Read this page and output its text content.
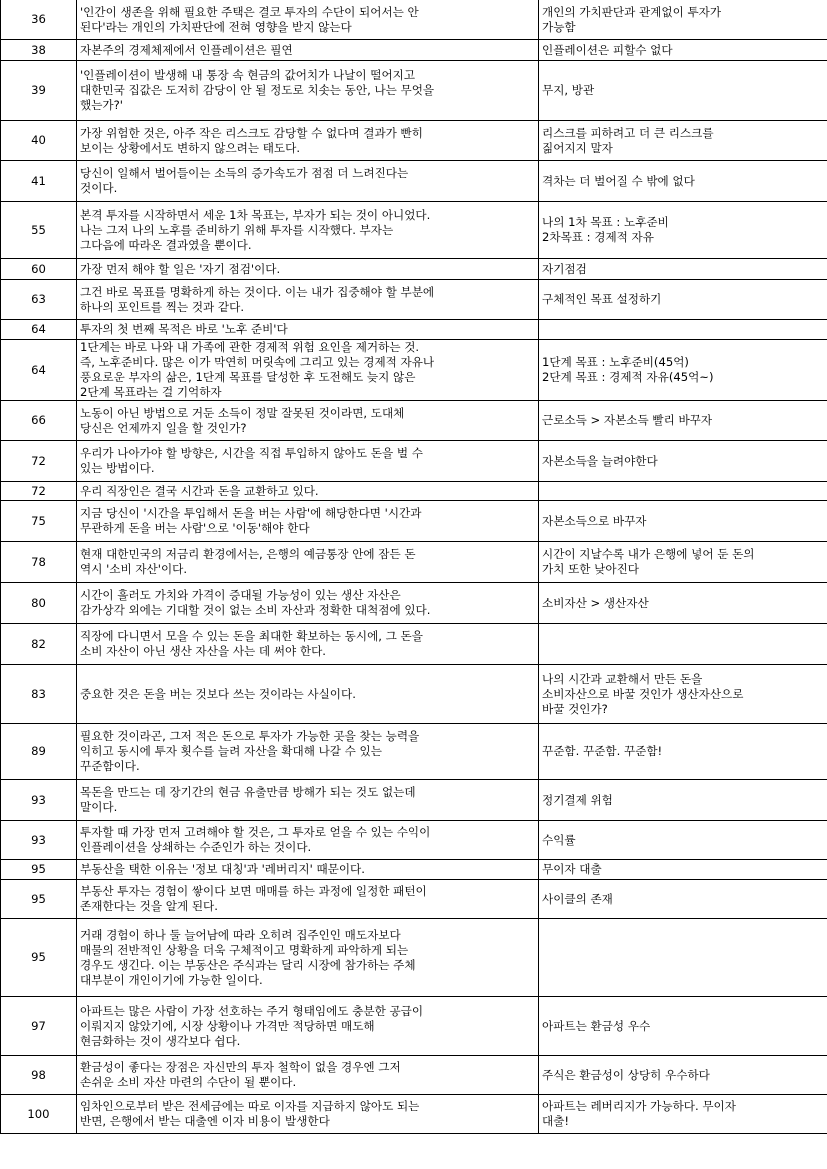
36	'인간이 생존을 위해 필요한 주택은 결코 투자의 수단이 되어서는 안
된다'라는 개인의 가치판단에 전혀 영향을 받지 않는다	개인의 가치판단과 관계없이 투자가
가능함

38	자본주의 경제체제에서 인플레이션은 필연	인플레이션은 피할수 없다

39	'인플레이션이 발생해 내 통장 속 현금의 값어치가 나날이 떨어지고
대한민국 집값은 도저히 감당이 안 될 정도로 치솟는 동안, 나는 무엇을
했는가?'	무지, 방관

40	가장 위험한 것은, 아주 작은 리스크도 감당할 수 없다며 결과가 빤히
보이는 상황에서도 변하지 않으려는 태도다.	리스크를 피하려고 더 큰 리스크를
짊어지지 말자

41	당신이 일해서 벌어들이는 소득의 증가속도가 점점 더 느려진다는
것이다.	격차는 더 벌어질 수 밖에 없다

55	본격 투자를 시작하면서 세운 1차 목표는, 부자가 되는 것이 아니었다.
나는 그저 나의 노후를 준비하기 위해 투자를 시작했다. 부자는
그다음에 따라온 결과였을 뿐이다.	나의 1차 목표 : 노후준비
2차목표 : 경제적 자유

60	가장 먼저 해야 할 일은 '자기 점검'이다.	자기점검

63	그건 바로 목표를 명확하게 하는 것이다. 이는 내가 집중해야 할 부분에
하나의 포인트를 찍는 것과 같다.	구체적인 목표 설정하기

64	투자의 첫 번째 목적은 바로 '노후 준비'다	

64	1단계는 바로 나와 내 가족에 관한 경제적 위험 요인을 제거하는 것.
즉, 노후준비다. 많은 이가 막연히 머릿속에 그리고 있는 경제적 자유나
풍요로운 부자의 삶은, 1단계 목표를 달성한 후 도전해도 늦지 않은
2단계 목표라는 걸 기억하자	1단계 목표 : 노후준비(45억)
2단계 목표 : 경제적 자유(45억~)

66	노동이 아닌 방법으로 거둔 소득이 정말 잘못된 것이라면, 도대체
당신은 언제까지 일을 할 것인가?	근로소득 > 자본소득 빨리 바꾸자

72	우리가 나아가야 할 방향은, 시간을 직접 투입하지 않아도 돈을 벌 수
있는 방법이다.	자본소득을 늘려야한다

72	우리 직장인은 결국 시간과 돈을 교환하고 있다.	

75	지금 당신이 '시간을 투입해서 돈을 버는 사람'에 해당한다면 '시간과
무관하게 돈을 버는 사람'으로 '이동'해야 한다	자본소득으로 바꾸자

78	현재 대한민국의 저금리 환경에서는, 은행의 예금통장 안에 잠든 돈
역시 '소비 자산'이다.	시간이 지날수록 내가 은행에 넣어 둔 돈의
가치 또한 낮아진다

80	시간이 흘러도 가치와 가격이 증대될 가능성이 있는 생산 자산은
감가상각 외에는 기대할 것이 없는 소비 자산과 정확한 대척점에 있다.	소비자산 > 생산자산

82	직장에 다니면서 모을 수 있는 돈을 최대한 확보하는 동시에, 그 돈을
소비 자산이 아닌 생산 자산을 사는 데 써야 한다.	

83	중요한 것은 돈을 버는 것보다 쓰는 것이라는 사실이다.	나의 시간과 교환해서 만든 돈을
소비자산으로 바꿀 것인가 생산자산으로
바꿀 것인가?

89	필요한 것이라곤, 그저 적은 돈으로 투자가 가능한 곳을 찾는 능력을
익히고 동시에 투자 횟수를 늘려 자산을 확대해 나갈 수 있는
꾸준함이다.	꾸준함. 꾸준함. 꾸준함!

93	목돈을 만드는 데 장기간의 현금 유출만큼 방해가 되는 것도 없는데
말이다.	정기결제 위험

93	투자할 때 가장 먼저 고려해야 할 것은, 그 투자로 얻을 수 있는 수익이
인플레이션을 상쇄하는 수준인가 하는 것이다.	수익률

95	부동산을 택한 이유는 '정보 대칭'과 '레버리지' 때문이다.	무이자 대출

95	부동산 투자는 경험이 쌓이다 보면 매매를 하는 과정에 일정한 패턴이
존재한다는 것을 알게 된다.	사이클의 존재

95	거래 경험이 하나 둘 늘어남에 따라 오히려 집주인인 매도자보다
매물의 전반적인 상황을 더욱 구체적이고 명확하게 파악하게 되는
경우도 생긴다. 이는 부동산은 주식과는 달리 시장에 참가하는 주체
대부분이 개인이기에 가능한 일이다.	

97	아파트는 많은 사람이 가장 선호하는 주거 형태임에도 충분한 공급이
이뤄지지 않았기에, 시장 상황이나 가격만 적당하면 매도해
현금화하는 것이 생각보다 쉽다.	아파트는 환금성 우수

98	환금성이 좋다는 장점은 자신만의 투자 철학이 없을 경우엔 그저
손쉬운 소비 자산 마련의 수단이 될 뿐이다.	주식은 환금성이 상당히 우수하다

100	임차인으로부터 받은 전세금에는 따로 이자를 지급하지 않아도 되는
반면, 은행에서 받는 대출엔 이자 비용이 발생한다	아파트는 레버리지가 가능하다. 무이자
대출!
